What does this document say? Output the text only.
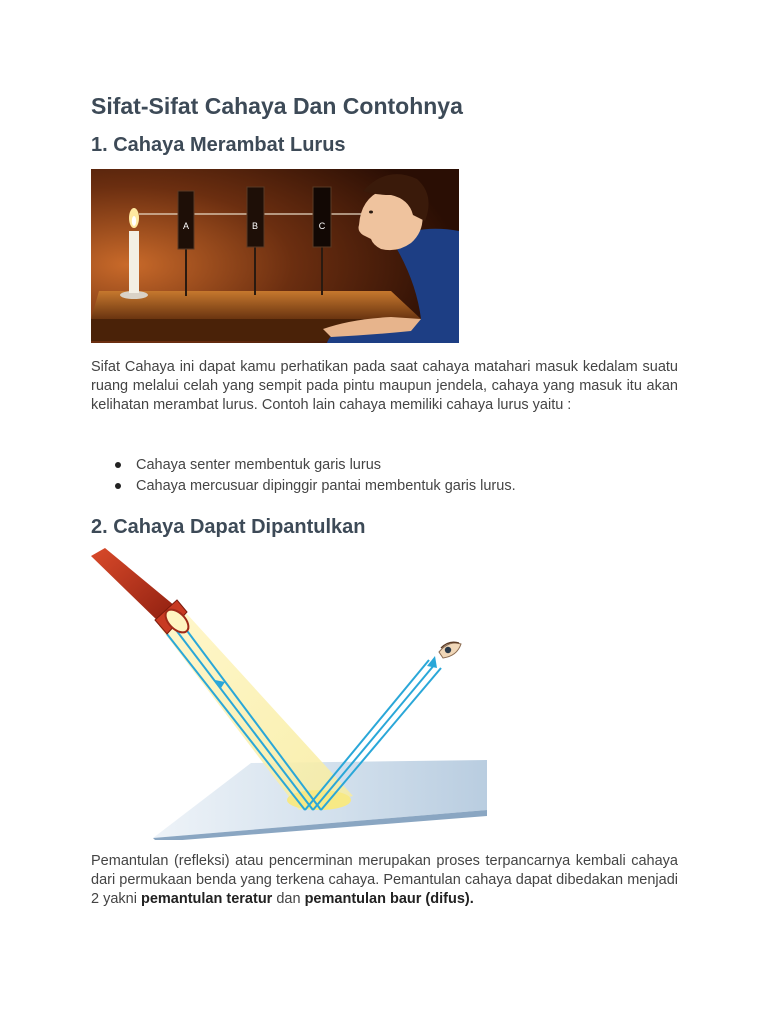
Sifat-Sifat Cahaya Dan Contohnya
1. Cahaya Merambat Lurus
A	B	C

Sifat Cahaya ini dapat kamu perhatikan pada saat cahaya matahari masuk kedalam suatu ruang melalui celah yang sempit pada pintu maupun jendela, cahaya yang masuk itu akan kelihatan merambat lurus. Contoh lain cahaya memiliki cahaya lurus yaitu :

Cahaya senter membentuk garis lurus
Cahaya mercusuar dipinggir pantai membentuk garis lurus.
2. Cahaya Dapat Dipantulkan

Pemantulan (refleksi) atau pencerminan merupakan proses terpancarnya kembali cahaya dari permukaan benda yang terkena cahaya. Pemantulan cahaya dapat dibedakan menjadi 2 yakni pemantulan teratur dan pemantulan baur (difus).
